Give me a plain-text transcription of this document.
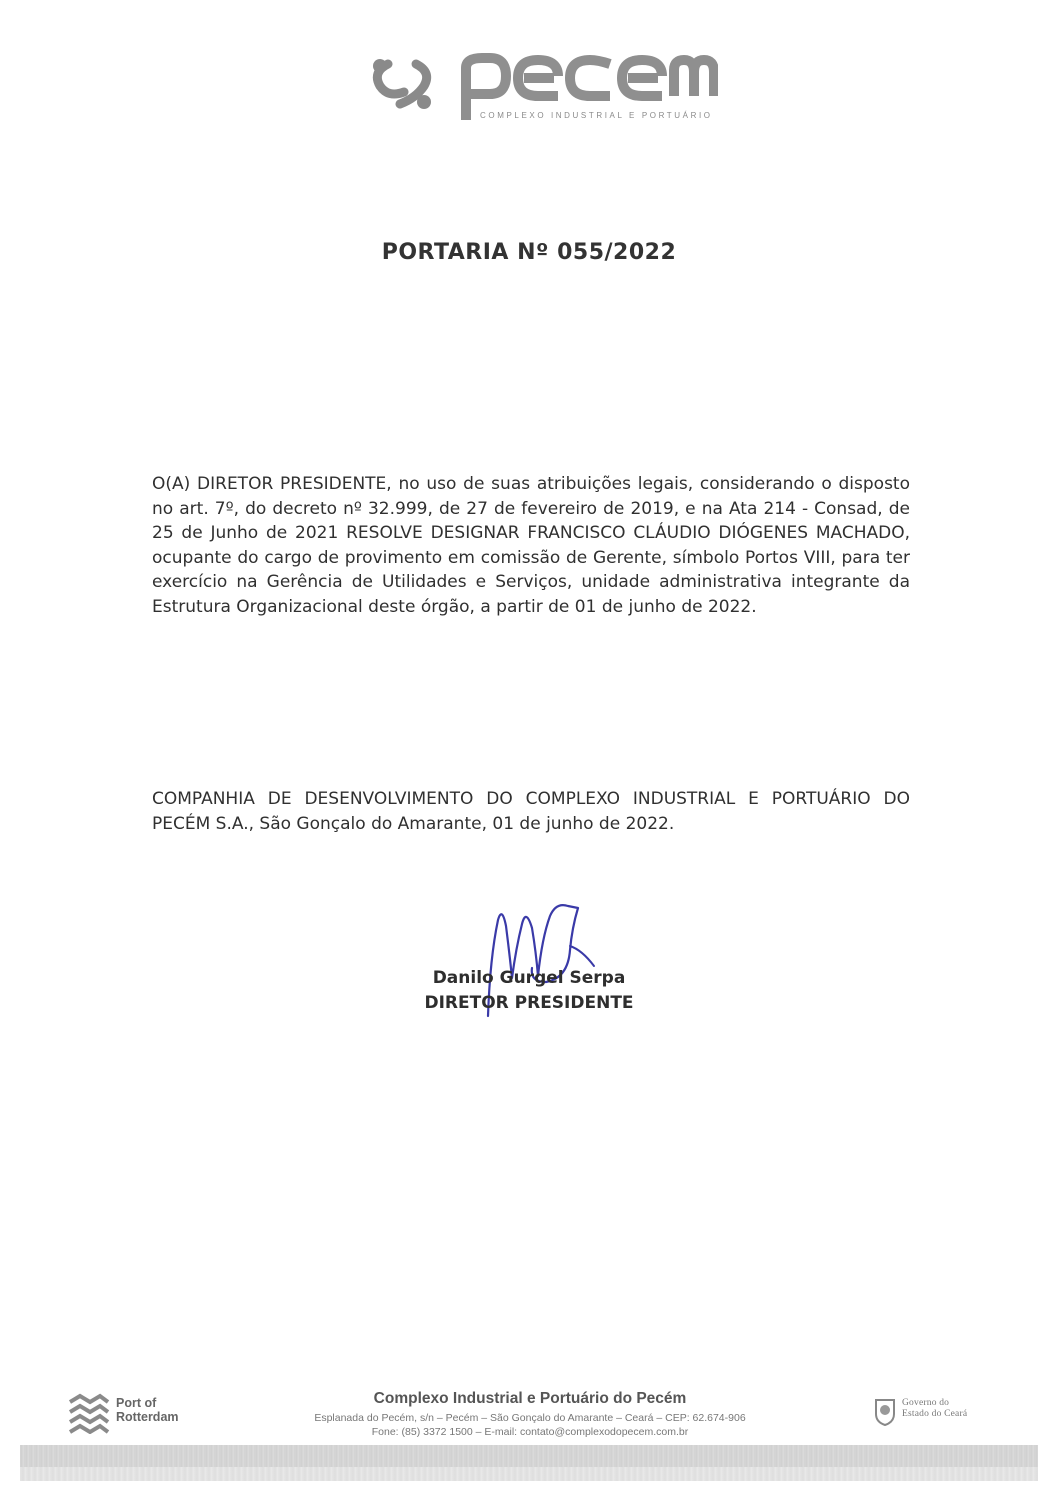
COMPLEXO INDUSTRIAL E PORTUÁRIO
PORTARIA Nº 055/2022
O(A) DIRETOR PRESIDENTE, no uso de suas atribuições legais, considerando o disposto no art. 7º, do decreto nº 32.999, de 27 de fevereiro de 2019, e na Ata 214 - Consad, de 25 de Junho de 2021 RESOLVE DESIGNAR FRANCISCO CLÁUDIO DIÓGENES MACHADO, ocupante do cargo de provimento em comissão de Gerente, símbolo Portos VIII, para ter exercício na Gerência de Utilidades e Serviços, unidade administrativa integrante da Estrutura Organizacional deste órgão, a partir de 01 de junho de 2022.
COMPANHIA DE DESENVOLVIMENTO DO COMPLEXO INDUSTRIAL E PORTUÁRIO DO PECÉM S.A., São Gonçalo do Amarante, 01 de junho de 2022.
Danilo Gurgel Serpa
DIRETOR PRESIDENTE
Port of
Rotterdam
Complexo Industrial e Portuário do Pecém
Esplanada do Pecém, s/n – Pecém – São Gonçalo do Amarante – Ceará – CEP: 62.674-906
Fone: (85) 3372 1500 – E-mail: contato@complexodopecem.com.br
Governo do
Estado do Ceará
